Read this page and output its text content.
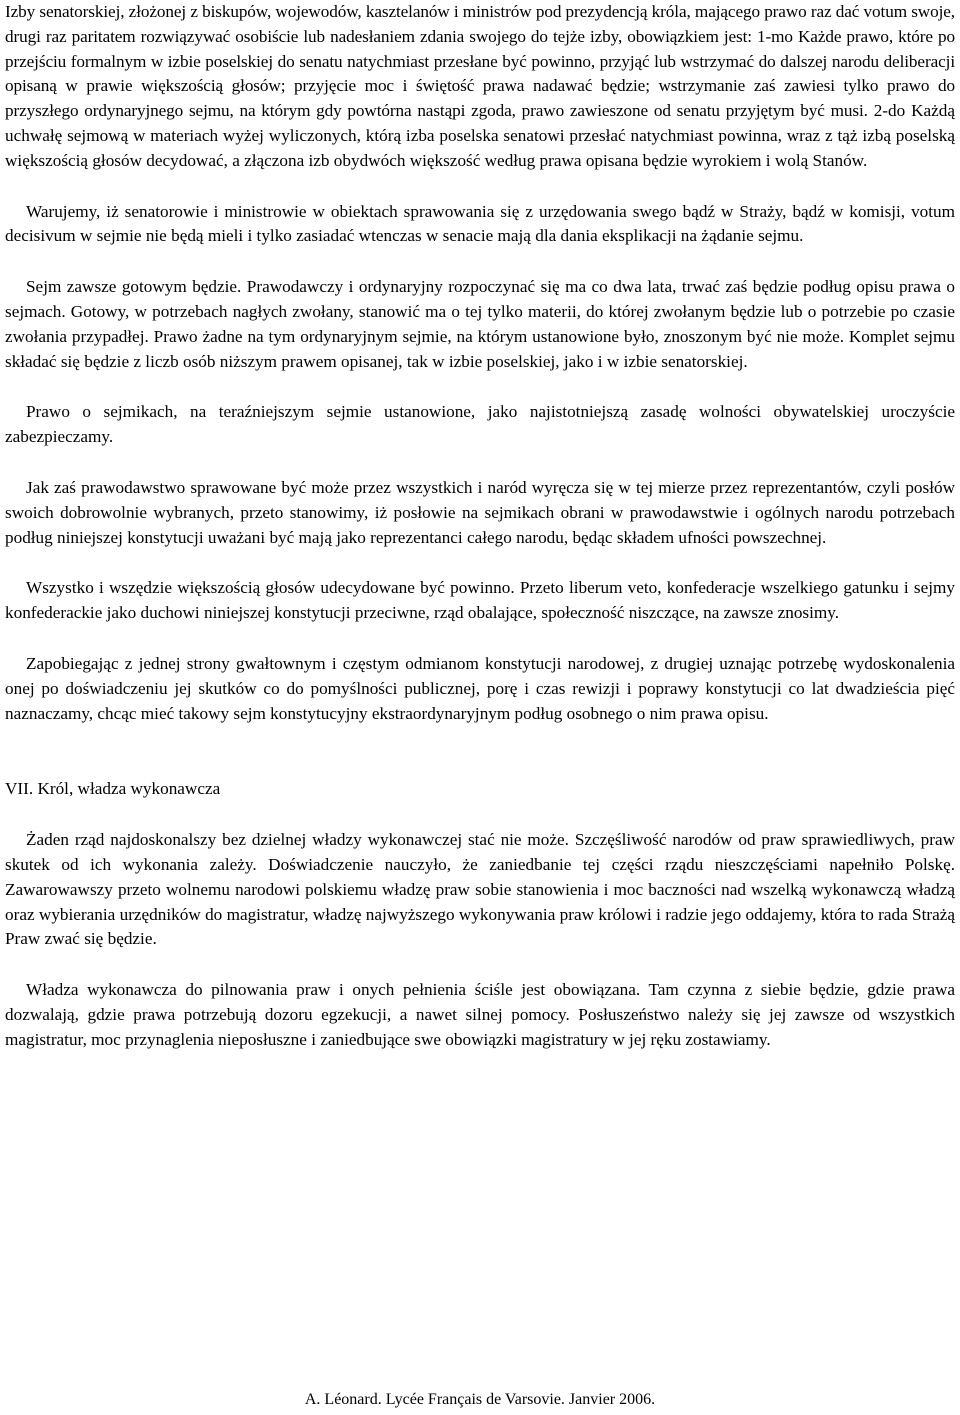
Izby senatorskiej, złożonej z biskupów, wojewodów, kasztelanów i ministrów pod prezydencją króla, mającego prawo raz dać votum swoje, drugi raz paritatem rozwiązywać osobiście lub nadesłaniem zdania swojego do tejże izby, obowiązkiem jest: 1-mo Każde prawo, które po przejściu formalnym w izbie poselskiej do senatu natychmiast przesłane być powinno, przyjąć lub wstrzymać do dalszej narodu deliberacji opisaną w prawie większością głosów; przyjęcie moc i świętość prawa nadawać będzie; wstrzymanie zaś zawiesi tylko prawo do przyszłego ordynaryjnego sejmu, na którym gdy powtórna nastąpi zgoda, prawo zawieszone od senatu przyjętym być musi. 2-do Każdą uchwałę sejmową w materiach wyżej wyliczonych, którą izba poselska senatowi przesłać natychmiast powinna, wraz z tąż izbą poselską większością głosów decydować, a złączona izb obydwóch większość według prawa opisana będzie wyrokiem i wolą Stanów.

Warujemy, iż senatorowie i ministrowie w obiektach sprawowania się z urzędowania swego bądź w Straży, bądź w komisji, votum decisivum w sejmie nie będą mieli i tylko zasiadać wtenczas w senacie mają dla dania eksplikacji na żądanie sejmu.

Sejm zawsze gotowym będzie. Prawodawczy i ordynaryjny rozpoczynać się ma co dwa lata, trwać zaś będzie podług opisu prawa o sejmach. Gotowy, w potrzebach nagłych zwołany, stanowić ma o tej tylko materii, do której zwołanym będzie lub o potrzebie po czasie zwołania przypadłej. Prawo żadne na tym ordynaryjnym sejmie, na którym ustanowione było, znoszonym być nie może. Komplet sejmu składać się będzie z liczb osób niższym prawem opisanej, tak w izbie poselskiej, jako i w izbie senatorskiej.

Prawo o sejmikach, na teraźniejszym sejmie ustanowione, jako najistotniejszą zasadę wolności obywatelskiej uroczyście zabezpieczamy.

Jak zaś prawodawstwo sprawowane być może przez wszystkich i naród wyręcza się w tej mierze przez reprezentantów, czyli posłów swoich dobrowolnie wybranych, przeto stanowimy, iż posłowie na sejmikach obrani w prawodawstwie i ogólnych narodu potrzebach podług niniejszej konstytucji uważani być mają jako reprezentanci całego narodu, będąc składem ufności powszechnej.

Wszystko i wszędzie większością głosów udecydowane być powinno. Przeto liberum veto, konfederacje wszelkiego gatunku i sejmy konfederackie jako duchowi niniejszej konstytucji przeciwne, rząd obalające, społeczność niszczące, na zawsze znosimy.

Zapobiegając z jednej strony gwałtownym i częstym odmianom konstytucji narodowej, z drugiej uznając potrzebę wydoskonalenia onej po doświadczeniu jej skutków co do pomyślności publicznej, porę i czas rewizji i poprawy konstytucji co lat dwadzieścia pięć naznaczamy, chcąc mieć takowy sejm konstytucyjny ekstraordynaryjnym podług osobnego o nim prawa opisu.

VII. Król, władza wykonawcza

Żaden rząd najdoskonalszy bez dzielnej władzy wykonawczej stać nie może. Szczęśliwość narodów od praw sprawiedliwych, praw skutek od ich wykonania zależy. Doświadczenie nauczyło, że zaniedbanie tej części rządu nieszczęściami napełniło Polskę. Zawarowawszy przeto wolnemu narodowi polskiemu władzę praw sobie stanowienia i moc baczności nad wszelką wykonawczą władzą oraz wybierania urzędników do magistratur, władzę najwyższego wykonywania praw królowi i radzie jego oddajemy, która to rada Strażą Praw zwać się będzie.

Władza wykonawcza do pilnowania praw i onych pełnienia ściśle jest obowiązana. Tam czynna z siebie będzie, gdzie prawa dozwalają, gdzie prawa potrzebują dozoru egzekucji, a nawet silnej pomocy. Posłuszeństwo należy się jej zawsze od wszystkich magistratur, moc przynaglenia nieposłuszne i zaniedbujące swe obowiązki magistratury w jej ręku zostawiamy.

A. Léonard. Lycée Français de Varsovie. Janvier 2006.
